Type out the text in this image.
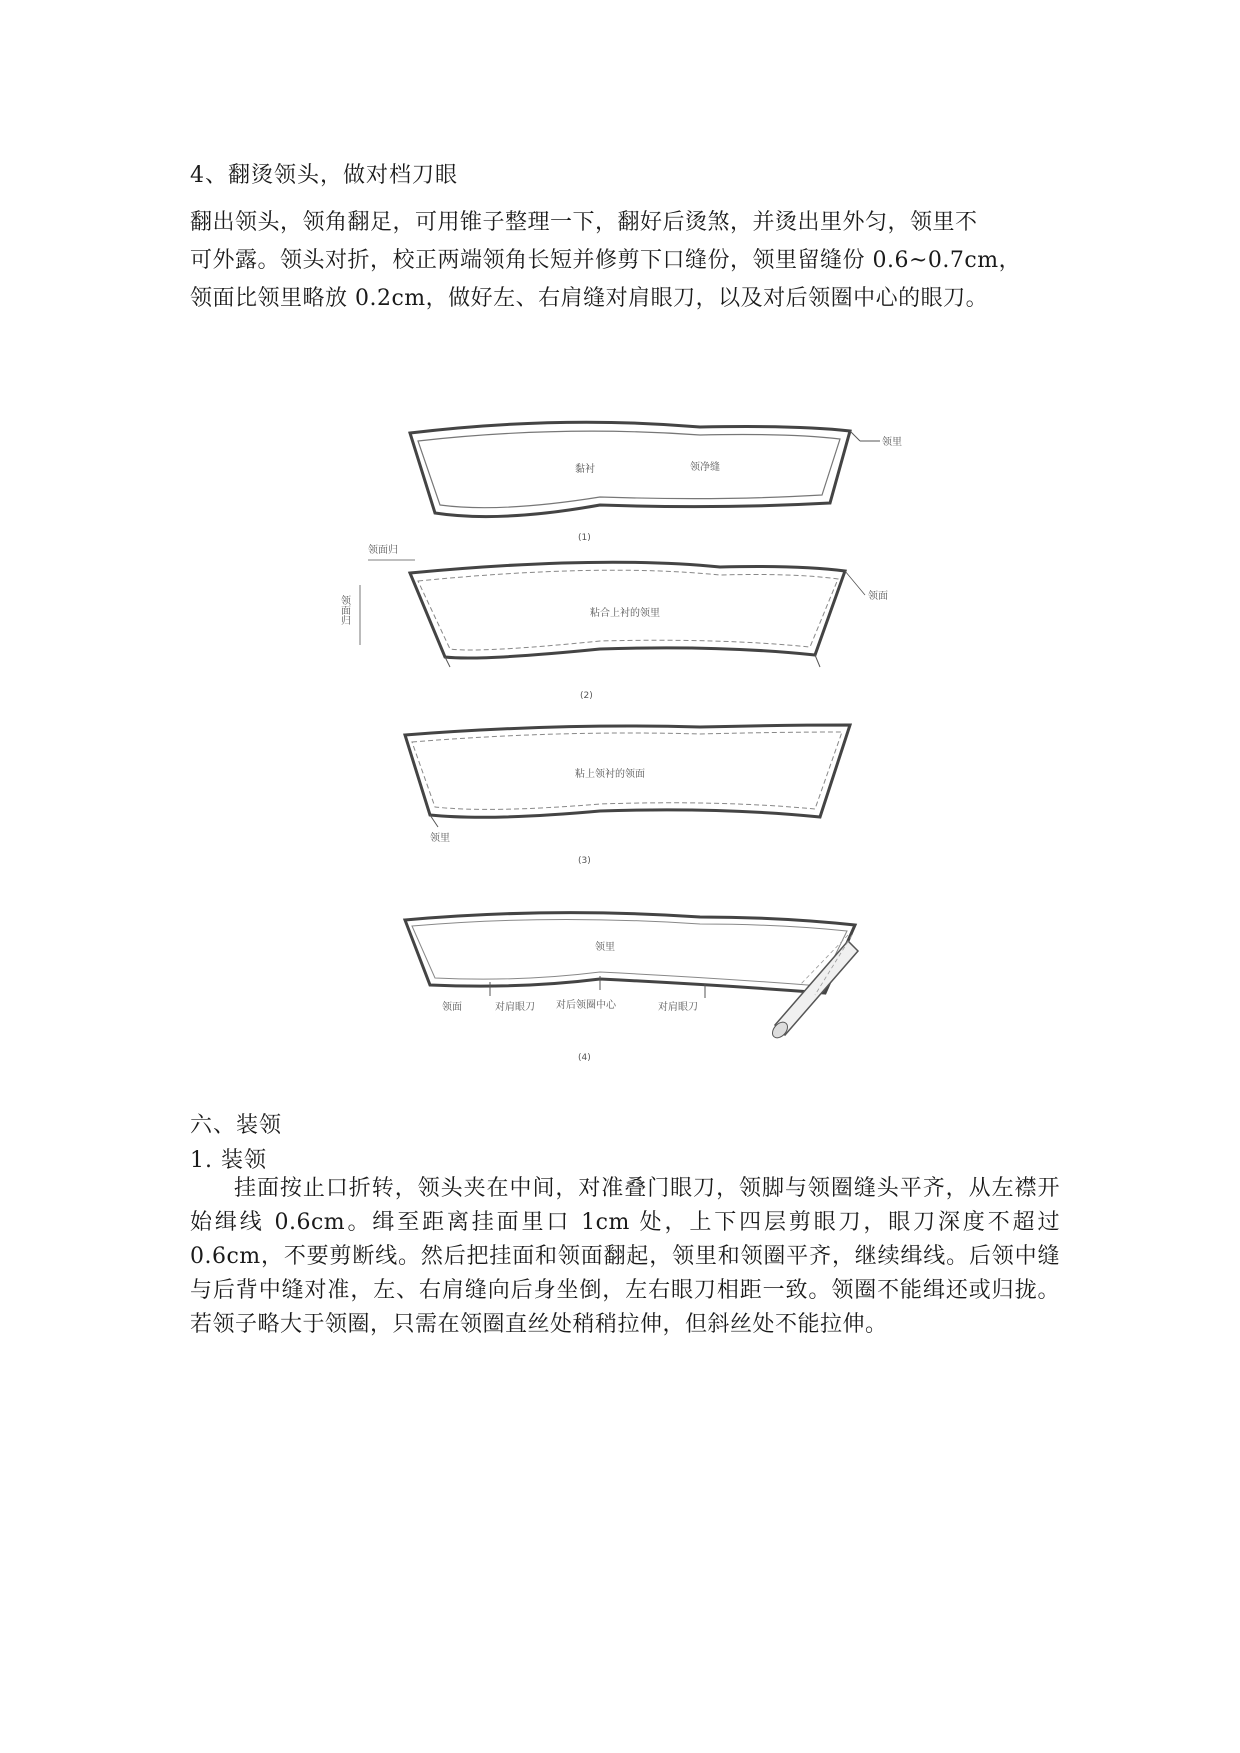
4、翻烫领头，做对档刀眼
翻出领头，领角翻足，可用锥子整理一下，翻好后烫煞，并烫出里外匀，领里不
可外露。领头对折，校正两端领角长短并修剪下口缝份，领里留缝份 0.6~0.7cm，
领面比领里略放 0.2cm，做好左、右肩缝对肩眼刀，以及对后领圈中心的眼刀。
黏衬	领净缝
领里
(1)
领面归
领面归	粘合上衬的领里
领面
(2)
粘上领衬的领面
领里
(3)
领里
领面	对肩眼刀 对后领圈中心	对肩眼刀
(4)
六、装领
1. 装领
挂面按止口折转，领头夹在中间，对准叠门眼刀，领脚与领圈缝头平齐，从左襟开始缉线 0.6cm。缉至距离挂面里口 1cm 处，上下四层剪眼刀，眼刀深度不超过 0.6cm，不要剪断线。然后把挂面和领面翻起，领里和领圈平齐，继续缉线。后领中缝与后背中缝对准，左、右肩缝向后身坐倒，左右眼刀相距一致。领圈不能缉还或归拢。若领子略大于领圈，只需在领圈直丝处稍稍拉伸，但斜丝处不能拉伸。
